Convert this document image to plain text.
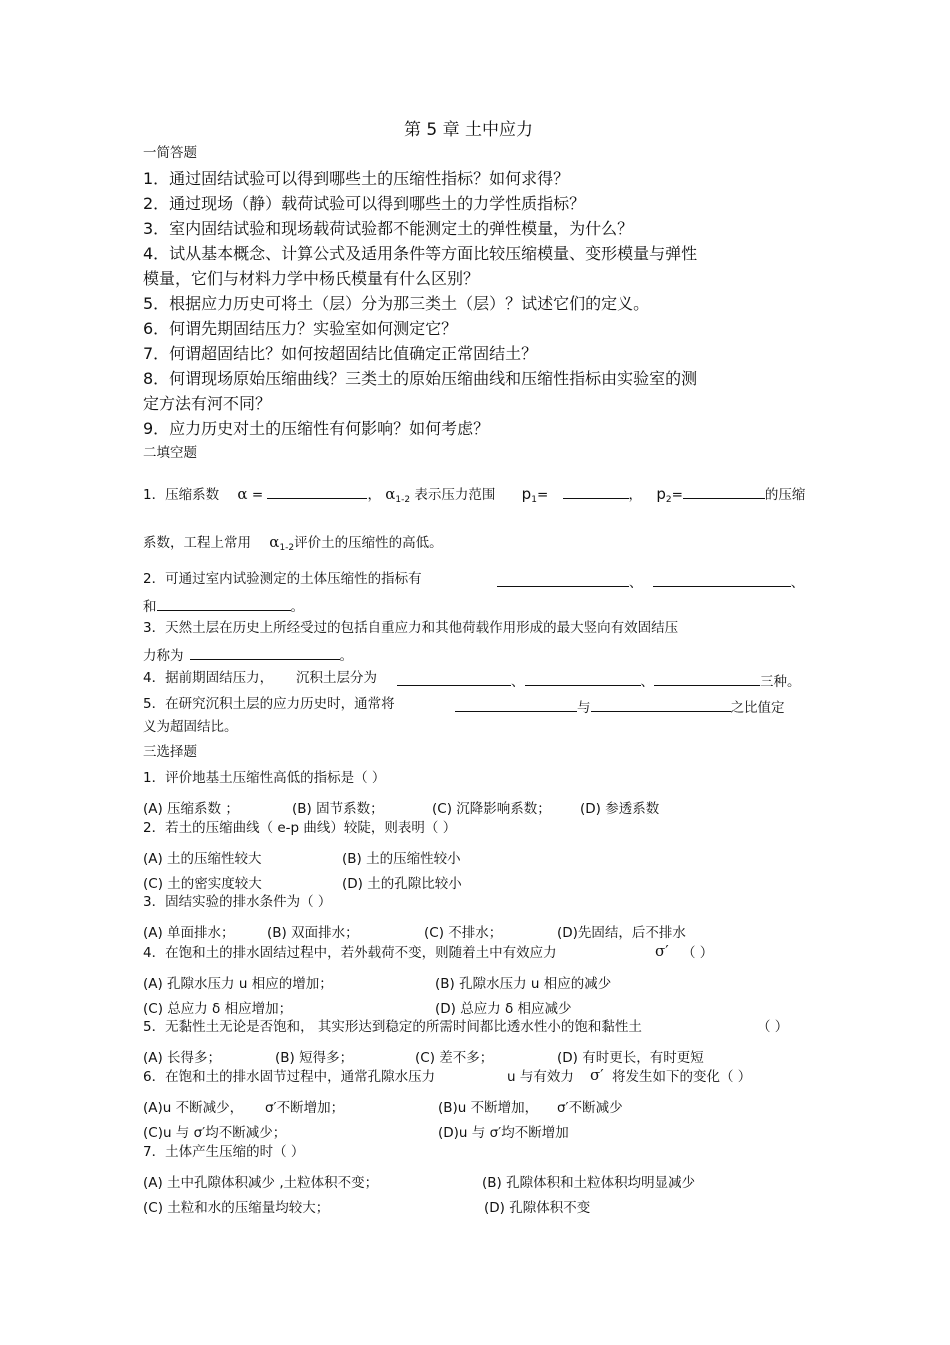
第 5 章 土中应力
一简答题
1．通过固结试验可以得到哪些土的压缩性指标？如何求得？
2．通过现场（静）载荷试验可以得到哪些土的力学性质指标？
3．室内固结试验和现场载荷试验都不能测定土的弹性模量，为什么？
4．试从基本概念、计算公式及适用条件等方面比较压缩模量、变形模量与弹性
模量，它们与材料力学中杨氏模量有什么区别？
5．根据应力历史可将土（层）分为那三类土（层）？试述它们的定义。
6．何谓先期固结压力？实验室如何测定它？
7．何谓超固结比？如何按超固结比值确定正常固结土？
8．何谓现场原始压缩曲线？三类土的原始压缩曲线和压缩性指标由实验室的测
定方法有河不同？
9．应力历史对土的压缩性有何影响？如何考虑？
二填空题
1．压缩系数 α =	， $\alpha_{1-2}$ 表示压力范围 $p_1=$	， $p_2=$	的压缩
系数，工程上常用 $\alpha_{1-2}$评价土的压缩性的高低。
2．可通过室内试验测定的土体压缩性的指标有	、	、
和	。
3．天然土层在历史上所经受过的包括自重应力和其他荷载作用形成的最大竖向有效固结压
力称为	。
4．据前期固结压力， 沉积土层分为	、	、	三种。
5．在研究沉积土层的应力历史时，通常将	与	之比值定
义为超固结比。
三选择题
1．评价地基土压缩性高低的指标是（ ）
(A) 压缩系数 ；	(B) 固节系数；	(C) 沉降影响系数； (D) 参透系数
2．若土的压缩曲线（ e-p 曲线）较陡，则表明（ ）
(A) 土的压缩性较大	(B) 土的压缩性较小
(C) 土的密实度较大	(D) 土的孔隙比较小
3．固结实验的排水条件为（ ）
(A) 单面排水； (B) 双面排水；	(C) 不排水；	(D)先固结，后不排水
4．在饱和土的排水固结过程中，若外载荷不变，则随着土中有效应力	σ′ （ ）
(A) 孔隙水压力 u 相应的增加；	(B) 孔隙水压力 u 相应的减少
(C) 总应力 δ 相应增加；	(D) 总应力 δ 相应减少
5．无黏性土无论是否饱和， 其实形达到稳定的所需时间都比透水性小的饱和黏性土	（ ）
(A) 长得多；	(B) 短得多；	(C) 差不多；	(D) 有时更长，有时更短
6．在饱和土的排水固节过程中，通常孔隙水压力	u 与有效力 σ′ 将发生如下的变化（ ）
(A)u 不断减少， σ′不断增加；	(B)u 不断增加， σ′不断减少
(C)u 与 σ′均不断减少；	(D)u 与 σ′均不断增加
7．土体产生压缩的时（ ）
(A) 土中孔隙体积减少 ,土粒体积不变；	(B) 孔隙体积和土粒体积均明显减少
(C) 土粒和水的压缩量均较大；	(D) 孔隙体积不变
